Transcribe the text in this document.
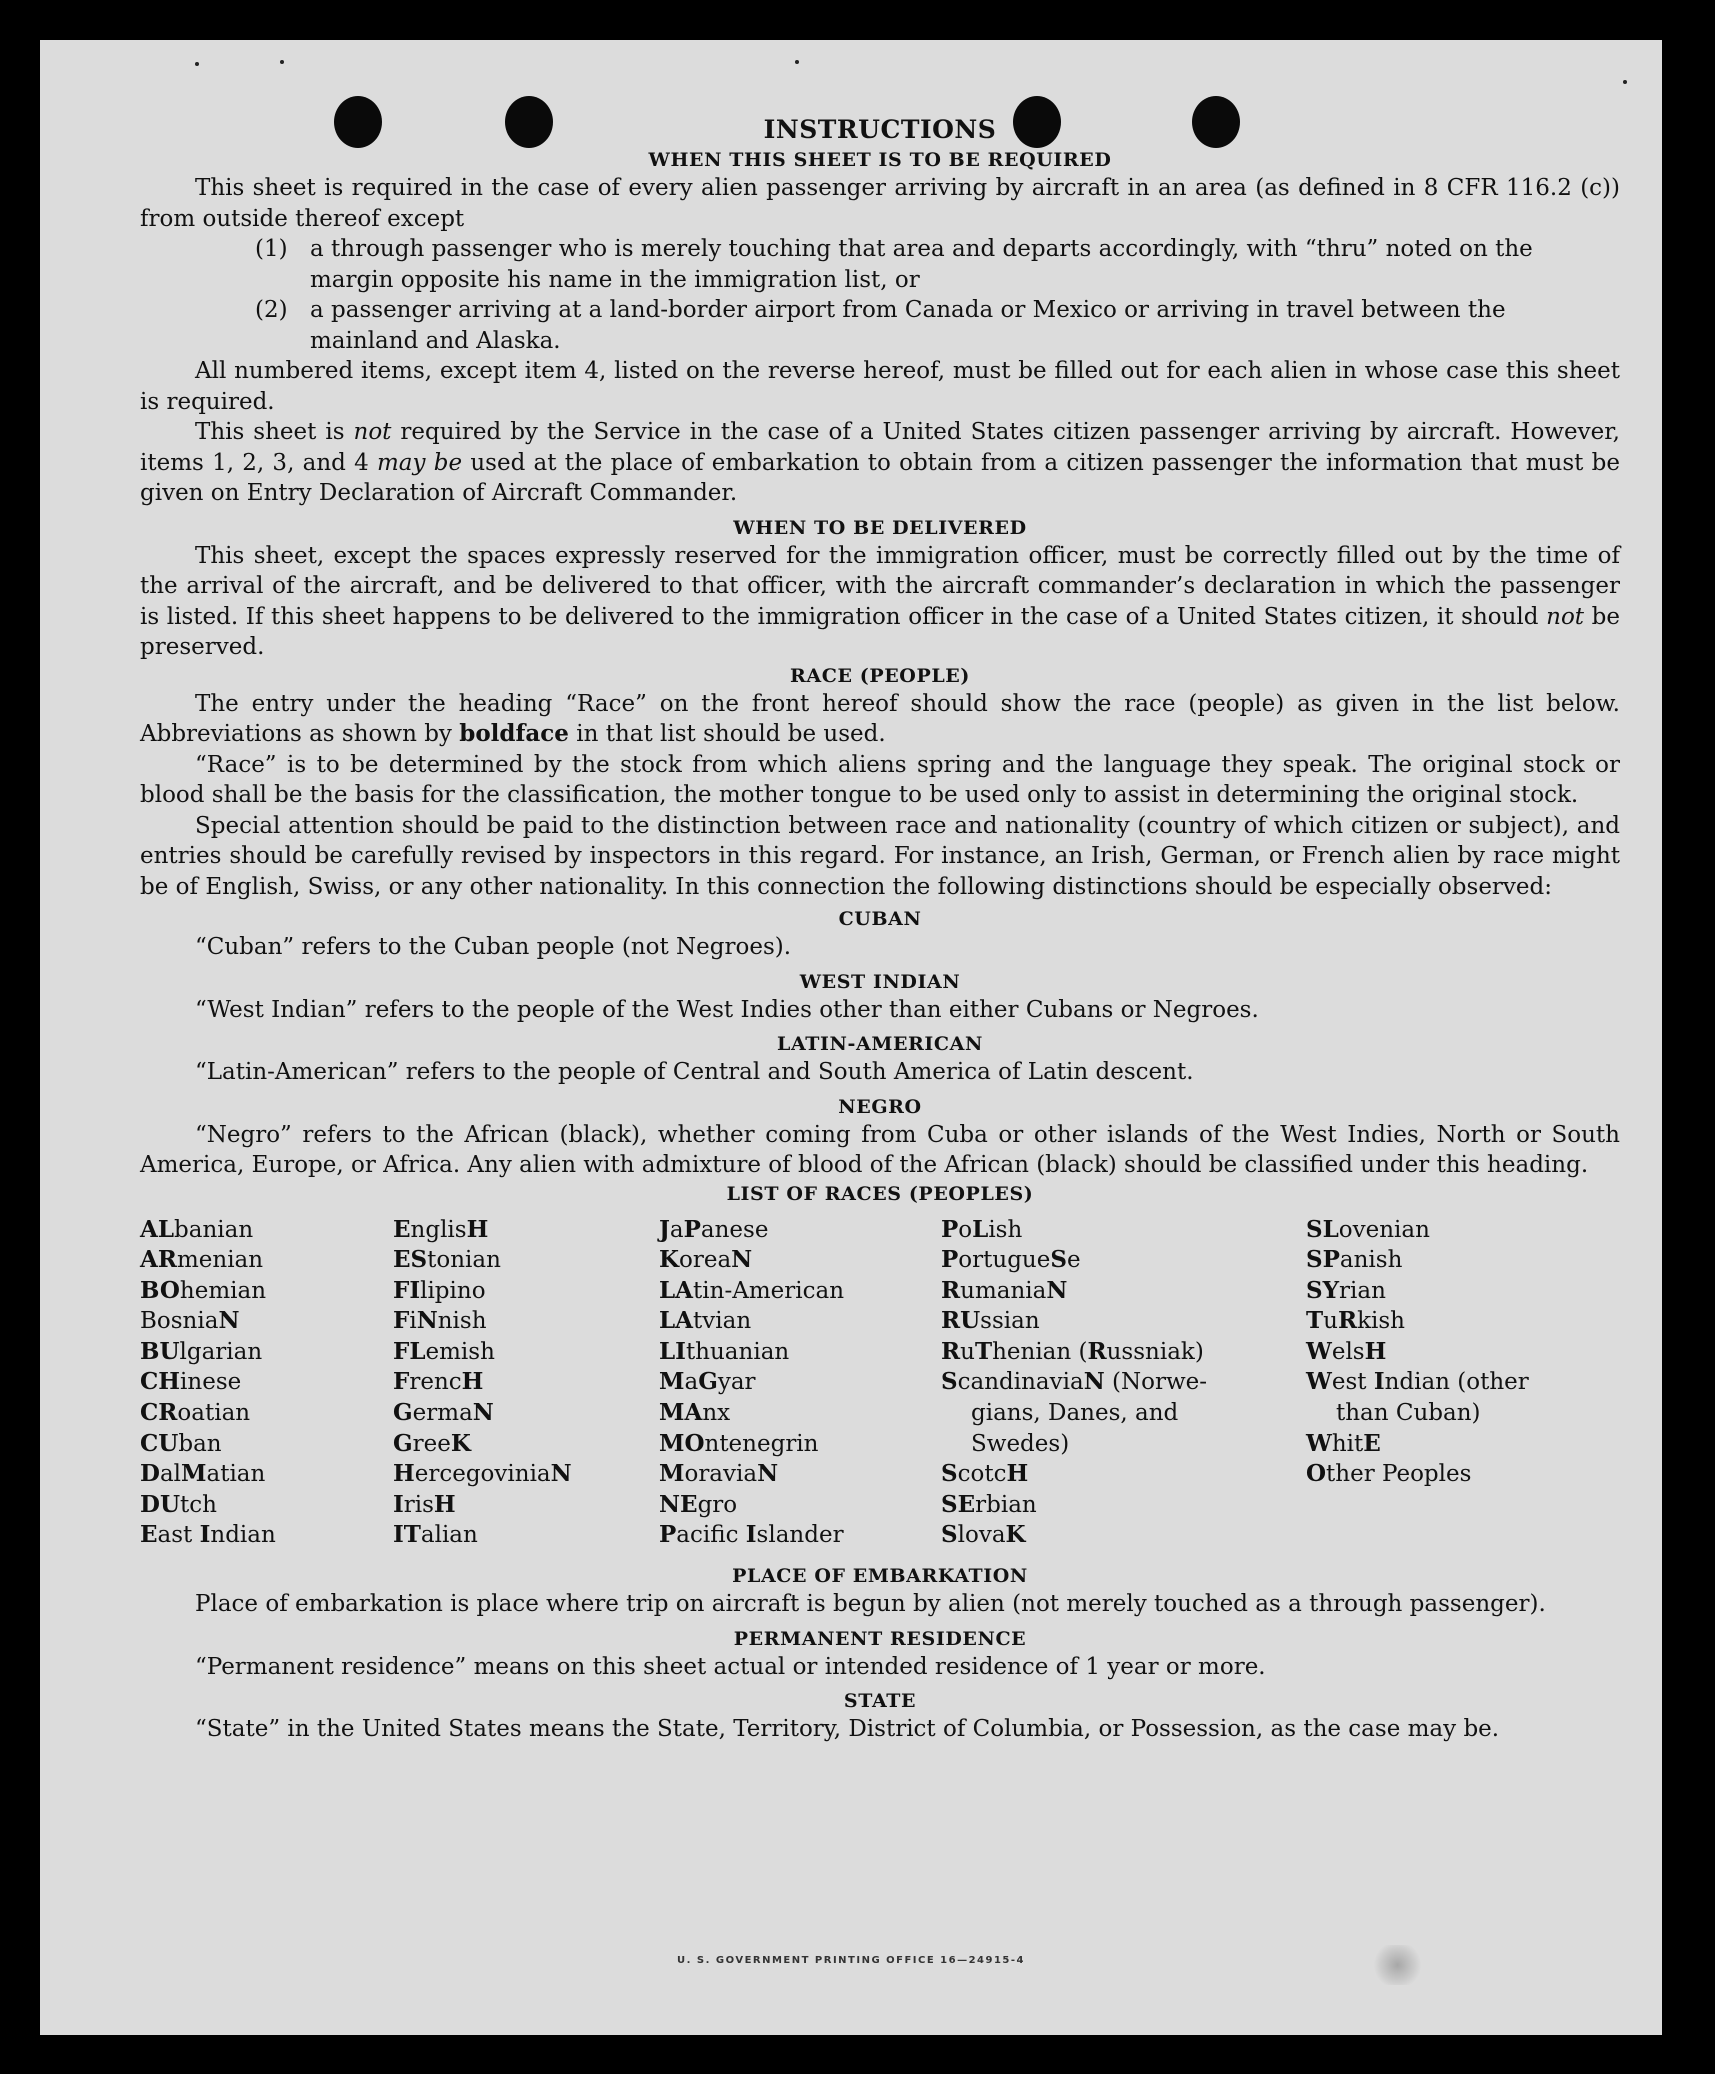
INSTRUCTIONS

WHEN THIS SHEET IS TO BE REQUIRED

This sheet is required in the case of every alien passenger arriving by aircraft in an area (as defined in 8 CFR 116.2 (c)) from outside thereof except

(1) a through passenger who is merely touching that area and departs accordingly, with “thru” noted on the margin opposite his name in the immigration list, or
(2) a passenger arriving at a land-border airport from Canada or Mexico or arriving in travel between the mainland and Alaska.

All numbered items, except item 4, listed on the reverse hereof, must be filled out for each alien in whose case this sheet is required.

This sheet is not required by the Service in the case of a United States citizen passenger arriving by aircraft. However, items 1, 2, 3, and 4 may be used at the place of embarkation to obtain from a citizen passenger the information that must be given on Entry Declaration of Aircraft Commander.

WHEN TO BE DELIVERED

This sheet, except the spaces expressly reserved for the immigration officer, must be correctly filled out by the time of the arrival of the aircraft, and be delivered to that officer, with the aircraft commander’s declaration in which the passenger is listed. If this sheet happens to be delivered to the immigration officer in the case of a United States citizen, it should not be preserved.

RACE (PEOPLE)

The entry under the heading “Race” on the front hereof should show the race (people) as given in the list below. Abbreviations as shown by boldface in that list should be used.

“Race” is to be determined by the stock from which aliens spring and the language they speak. The original stock or blood shall be the basis for the classification, the mother tongue to be used only to assist in determining the original stock.

Special attention should be paid to the distinction between race and nationality (country of which citizen or subject), and entries should be carefully revised by inspectors in this regard. For instance, an Irish, German, or French alien by race might be of English, Swiss, or any other nationality. In this connection the following distinctions should be especially observed:

CUBAN

“Cuban” refers to the Cuban people (not Negroes).

WEST INDIAN

“West Indian” refers to the people of the West Indies other than either Cubans or Negroes.

LATIN-AMERICAN

“Latin-American” refers to the people of Central and South America of Latin descent.

NEGRO

“Negro” refers to the African (black), whether coming from Cuba or other islands of the West Indies, North or South America, Europe, or Africa. Any alien with admixture of blood of the African (black) should be classified under this heading.

LIST OF RACES (PEOPLES)

ALbanian
ARmenian
BOhemian
BosniaN
BUlgarian
CHinese
CRoatian
CUban
DalMatian
DUtch
East Indian
EnglisH
EStonian
FIlipino
FiNnish
FLemish
FrencH
GermaN
GreeK
HercegoviniaN
IrisH
ITalian
JaPanese
KoreaN
LAtin-American
LAtvian
LIthuanian
MaGyar
MAnx
MOntenegrin
MoraviaN
NEgro
Pacific Islander
PoLish
PortugueSe
RumaniaN
RUssian
RuThenian (Russniak)
ScandinaviaN (Norwe-
gians, Danes, and
Swedes)
ScotcH
SErbian
SlovaK
SLovenian
SPanish
SYrian
TuRkish
WelsH
West Indian (other
than Cuban)
WhitE
Other Peoples

PLACE OF EMBARKATION

Place of embarkation is place where trip on aircraft is begun by alien (not merely touched as a through passenger).

PERMANENT RESIDENCE

“Permanent residence” means on this sheet actual or intended residence of 1 year or more.

STATE

“State” in the United States means the State, Territory, District of Columbia, or Possession, as the case may be.

U. S. GOVERNMENT PRINTING OFFICE 16—24915-4
